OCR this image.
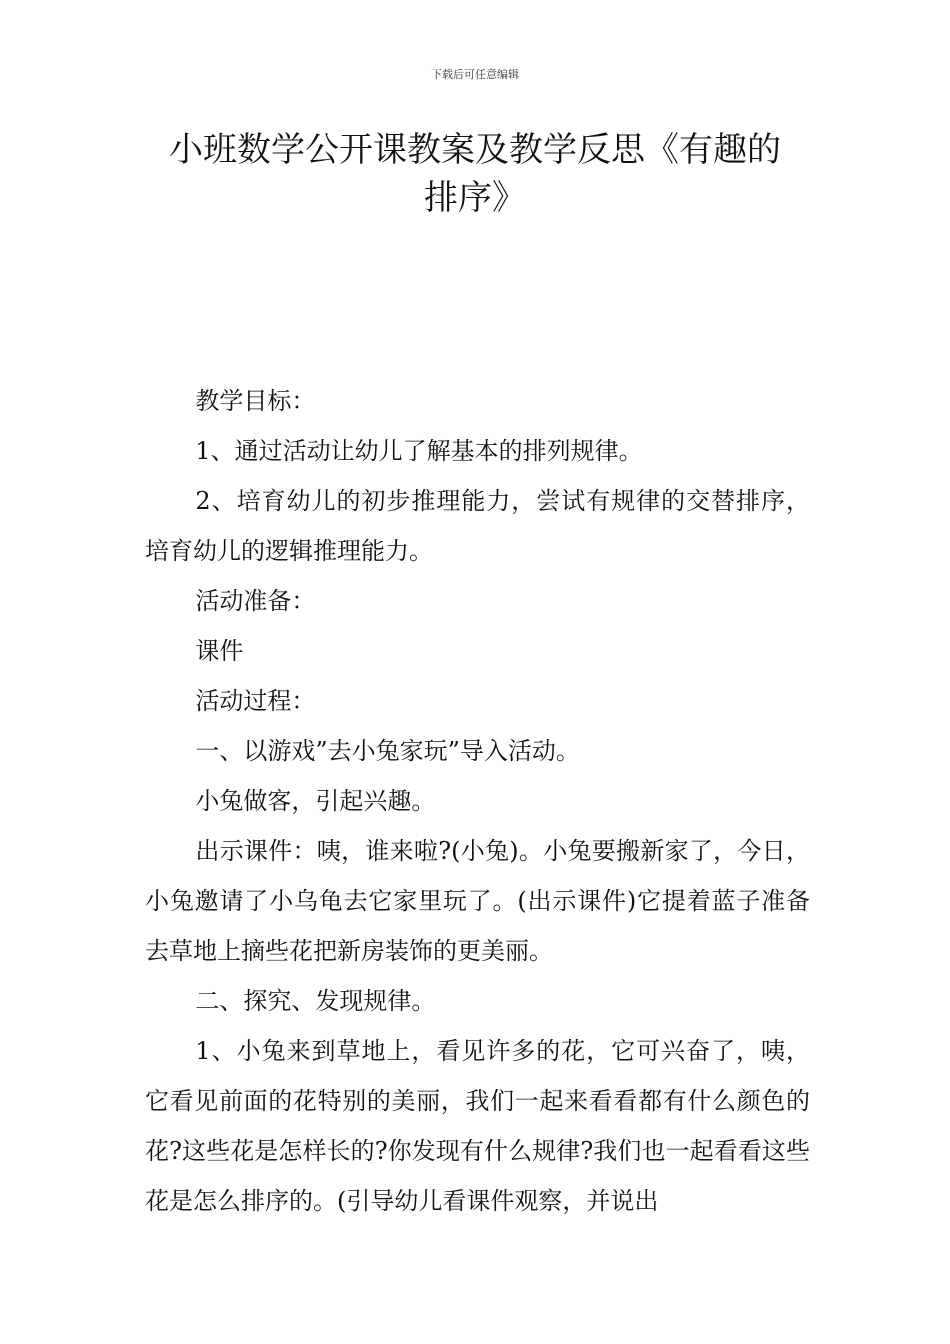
下载后可任意编辑
小班数学公开课教案及教学反思《有趣的
排序》

教学目标：

1、通过活动让幼儿了解基本的排列规律。

2、培育幼儿的初步推理能力，尝试有规律的交替排序，培育幼儿的逻辑推理能力。

活动准备：

课件

活动过程：

一、以游戏”去小兔家玩”导入活动。

小兔做客，引起兴趣。

出示课件：咦，谁来啦?(小兔)。小兔要搬新家了，今日，小兔邀请了小乌龟去它家里玩了。(出示课件)它提着蓝子准备去草地上摘些花把新房装饰的更美丽。

二、探究、发现规律。

1、小兔来到草地上，看见许多的花，它可兴奋了，咦，它看见前面的花特别的美丽，我们一起来看看都有什么颜色的花?这些花是怎样长的?你发现有什么规律?我们也一起看看这些花是怎么排序的。(引导幼儿看课件观察，并说出
